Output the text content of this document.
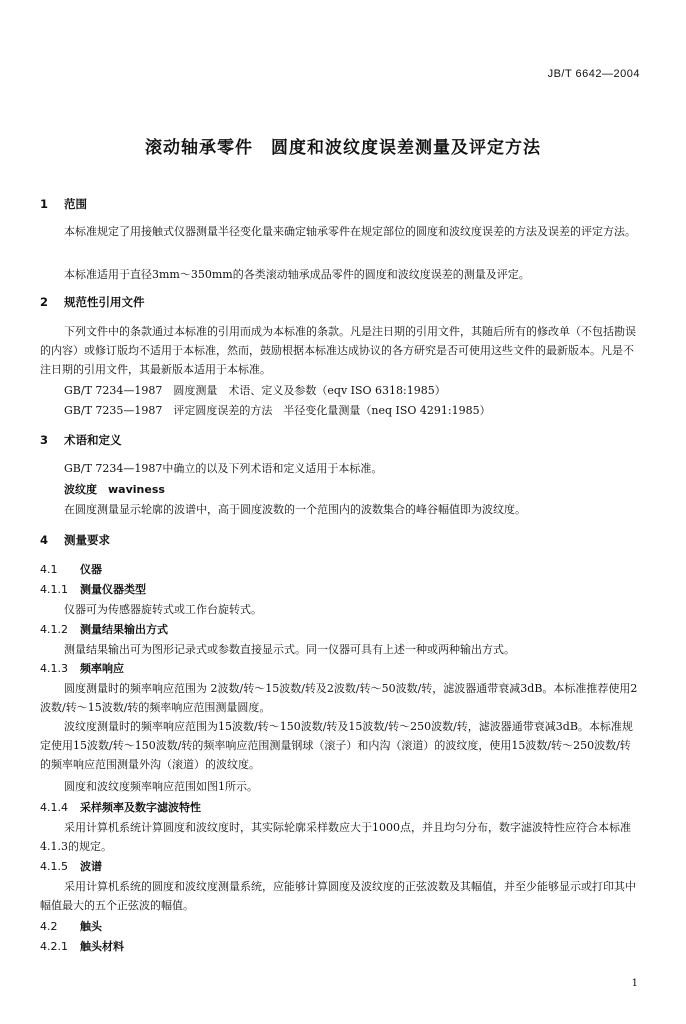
JB/T 6642—2004
滚动轴承零件　圆度和波纹度误差测量及评定方法
1 范围
本标准规定了用接触式仪器测量半径变化量来确定轴承零件在规定部位的圆度和波纹度误差的方法及误差的评定方法。
本标准适用于直径3mm～350mm的各类滚动轴承成品零件的圆度和波纹度误差的测量及评定。
2 规范性引用文件
下列文件中的条款通过本标准的引用而成为本标准的条款。凡是注日期的引用文件，其随后所有的修改单（不包括勘误的内容）或修订版均不适用于本标准，然而，鼓励根据本标准达成协议的各方研究是否可使用这些文件的最新版本。凡是不注日期的引用文件，其最新版本适用于本标准。
GB/T 7234—1987　圆度测量　术语、定义及参数（eqv ISO 6318:1985）
GB/T 7235—1987　评定圆度误差的方法　半径变化量测量（neq ISO 4291:1985）
3 术语和定义
GB/T 7234—1987中确立的以及下列术语和定义适用于本标准。
波纹度　waviness
在圆度测量显示轮廓的波谱中，高于圆度波数的一个范围内的波数集合的峰谷幅值即为波纹度。
4 测量要求
4.1 仪器
4.1.1 测量仪器类型
仪器可为传感器旋转式或工作台旋转式。
4.1.2 测量结果输出方式
测量结果输出可为图形记录式或参数直接显示式。同一仪器可具有上述一种或两种输出方式。
4.1.3 频率响应
圆度测量时的频率响应范围为 2波数/转～15波数/转及2波数/转～50波数/转，滤波器通带衰减3dB。本标准推荐使用2波数/转～15波数/转的频率响应范围测量圆度。
波纹度测量时的频率响应范围为15波数/转～150波数/转及15波数/转～250波数/转，滤波器通带衰减3dB。本标准规定使用15波数/转～150波数/转的频率响应范围测量钢球（滚子）和内沟（滚道）的波纹度，使用15波数/转～250波数/转的频率响应范围测量外沟（滚道）的波纹度。
圆度和波纹度频率响应范围如图1所示。
4.1.4 采样频率及数字滤波特性
采用计算机系统计算圆度和波纹度时，其实际轮廓采样数应大于1000点，并且均匀分布，数字滤波特性应符合本标准4.1.3的规定。
4.1.5 波谱
采用计算机系统的圆度和波纹度测量系统，应能够计算圆度及波纹度的正弦波数及其幅值，并至少能够显示或打印其中幅值最大的五个正弦波的幅值。
4.2 触头
4.2.1 触头材料
1
